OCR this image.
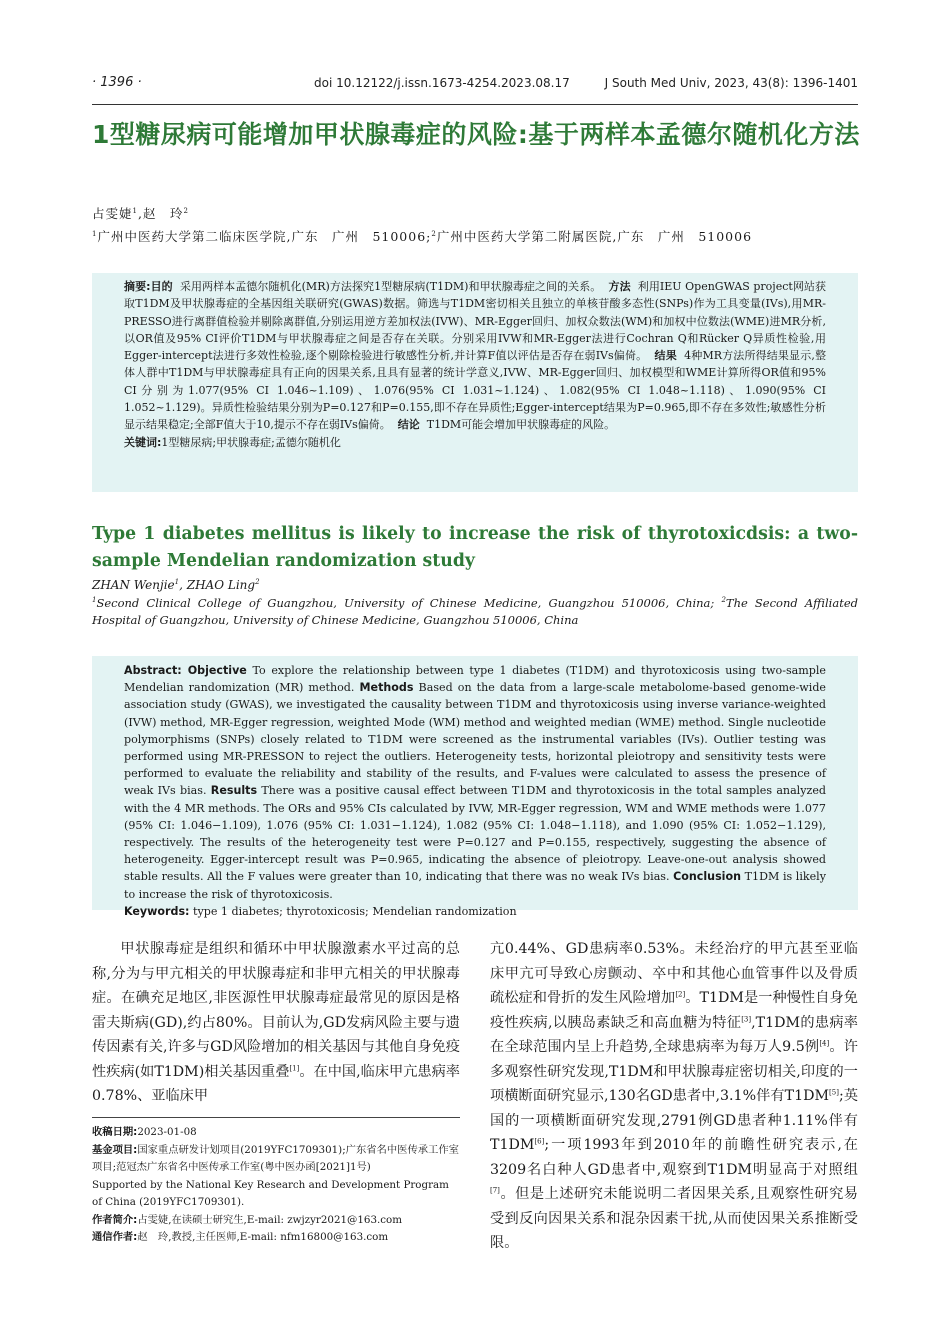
· 1396 ·	doi 10.12122/j.issn.1673-4254.2023.08.17	J South Med Univ, 2023, 43(8): 1396-1401
1型糖尿病可能增加甲状腺毒症的风险:基于两样本孟德尔随机化方法
占雯婕$^1$,赵　玲$^2$
$^1$广州中医药大学第二临床医学院,广东　广州　510006;$^2$广州中医药大学第二附属医院,广东　广州　510006

摘要:目的 采用两样本孟德尔随机化(MR)方法探究1型糖尿病(T1DM)和甲状腺毒症之间的关系。 方法 利用IEU OpenGWAS project网站获取T1DM及甲状腺毒症的全基因组关联研究(GWAS)数据。筛选与T1DM密切相关且独立的单核苷酸多态性(SNPs)作为工具变量(IVs),用MR-PRESSO进行离群值检验并剔除离群值,分别运用逆方差加权法(IVW)、MR-Egger回归、加权众数法(WM)和加权中位数法(WME)进MR分析,以OR值及95% CI评价T1DM与甲状腺毒症之间是否存在关联。分别采用IVW和MR-Egger法进行Cochran Q和Rücker Q异质性检验,用Egger-intercept法进行多效性检验,逐个剔除检验进行敏感性分析,并计算F值以评估是否存在弱IVs偏倚。 结果 4种MR方法所得结果显示,整体人群中T1DM与甲状腺毒症具有正向的因果关系,且具有显著的统计学意义,IVW、MR-Egger回归、加权模型和WME计算所得OR值和95% CI分别为1.077(95% CI 1.046~1.109)、1.076(95% CI 1.031~1.124)、1.082(95% CI 1.048~1.118)、1.090(95% CI 1.052~1.129)。异质性检验结果分别为P=0.127和P=0.155,即不存在异质性;Egger-intercept结果为P=0.965,即不存在多效性;敏感性分析显示结果稳定;全部F值大于10,提示不存在弱IVs偏倚。 结论 T1DM可能会增加甲状腺毒症的风险。

关键词:1型糖尿病;甲状腺毒症;孟德尔随机化

Type 1 diabetes mellitus is likely to increase the risk of thyrotoxicdsis: a two-sample Mendelian randomization study
ZHAN Wenjie$^1$, ZHAO Ling$^2$

$^1$Second Clinical College of Guangzhou, University of Chinese Medicine, Guangzhou 510006, China; $^2$The Second Affiliated Hospital of Guangzhou, University of Chinese Medicine, Guangzhou 510006, China

Abstract: Objective To explore the relationship between type 1 diabetes (T1DM) and thyrotoxicosis using two-sample Mendelian randomization (MR) method. Methods Based on the data from a large-scale metabolome-based genome-wide association study (GWAS), we investigated the causality between T1DM and thyrotoxicosis using inverse variance-weighted (IVW) method, MR-Egger regression, weighted Mode (WM) method and weighted median (WME) method. Single nucleotide polymorphisms (SNPs) closely related to T1DM were screened as the instrumental variables (IVs). Outlier testing was performed using MR-PRESSON to reject the outliers. Heterogeneity tests, horizontal pleiotropy and sensitivity tests were performed to evaluate the reliability and stability of the results, and F-values were calculated to assess the presence of weak IVs bias. Results There was a positive causal effect between T1DM and thyrotoxicosis in the total samples analyzed with the 4 MR methods. The ORs and 95% CIs calculated by IVW, MR-Egger regression, WM and WME methods were 1.077 (95% CI: 1.046−1.109), 1.076 (95% CI: 1.031−1.124), 1.082 (95% CI: 1.048−1.118), and 1.090 (95% CI: 1.052−1.129), respectively. The results of the heterogeneity test were P=0.127 and P=0.155, respectively, suggesting the absence of heterogeneity. Egger-intercept result was P=0.965, indicating the absence of pleiotropy. Leave-one-out analysis showed stable results. All the F values were greater than 10, indicating that there was no weak IVs bias. Conclusion T1DM is likely to increase the risk of thyrotoxicosis.

Keywords: type 1 diabetes; thyrotoxicosis; Mendelian randomization

甲状腺毒症是组织和循环中甲状腺激素水平过高的总称,分为与甲亢相关的甲状腺毒症和非甲亢相关的甲状腺毒症。在碘充足地区,非医源性甲状腺毒症最常见的原因是格雷夫斯病(GD),约占80%。目前认为,GD发病风险主要与遗传因素有关,许多与GD风险增加的相关基因与其他自身免疫性疾病(如T1DM)相关基因重叠[1]。在中国,临床甲亢患病率0.78%、亚临床甲

收稿日期:2023-01-08

基金项目:国家重点研发计划项目(2019YFC1709301);广东省名中医传承工作室项目;范冠杰广东省名中医传承工作室(粤中医办函[2021]1号)

Supported by the National Key Research and Development Program of China (2019YFC1709301).

作者简介:占雯婕,在读硕士研究生,E-mail: zwjzyr2021@163.com

通信作者:赵　玲,教授,主任医师,E-mail: nfm16800@163.com

亢0.44%、GD患病率0.53%。未经治疗的甲亢甚至亚临床甲亢可导致心房颤动、卒中和其他心血管事件以及骨质疏松症和骨折的发生风险增加[2]。T1DM是一种慢性自身免疫性疾病,以胰岛素缺乏和高血糖为特征[3],T1DM的患病率在全球范围内呈上升趋势,全球患病率为每万人9.5例[4]。许多观察性研究发现,T1DM和甲状腺毒症密切相关,印度的一项横断面研究显示,130名GD患者中,3.1%伴有T1DM[5];英国的一项横断面研究发现,2791例GD患者种1.11%伴有T1DM[6];一项1993年到2010年的前瞻性研究表示,在3209名白种人GD患者中,观察到T1DM明显高于对照组[7]。但是上述研究未能说明二者因果关系,且观察性研究易受到反向因果关系和混杂因素干扰,从而使因果关系推断受限。
